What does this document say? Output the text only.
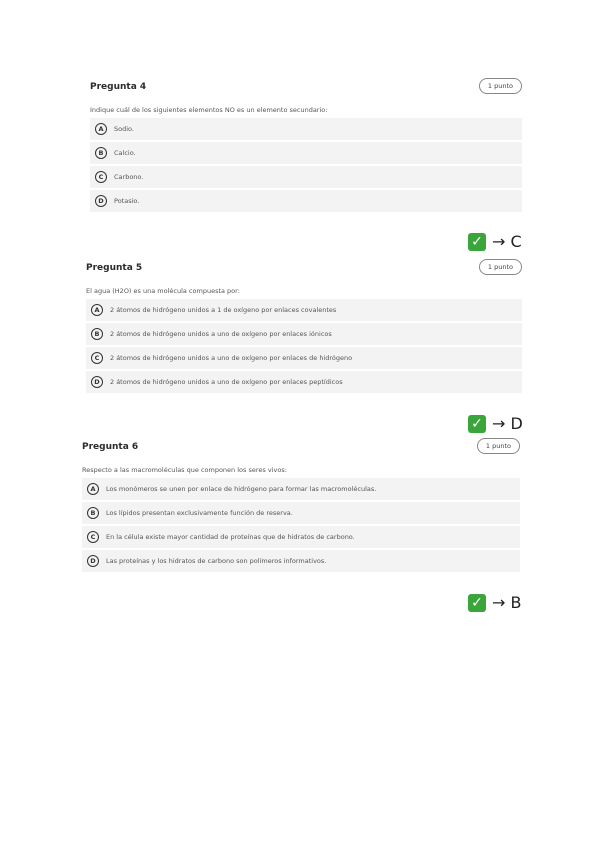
Pregunta 4	1 punto
Indique cuál de los siguientes elementos NO es un elemento secundario:
A	Sodio.
B	Calcio.
C	Carbono.
D	Potasio.
✓ → C
Pregunta 5	1 punto
El agua (H2O) es una molécula compuesta por:
A	2 átomos de hidrógeno unidos a 1 de oxígeno por enlaces covalentes
B	2 átomos de hidrógeno unidos a uno de oxígeno por enlaces iónicos
C	2 átomos de hidrógeno unidos a uno de oxígeno por enlaces de hidrógeno
D	2 átomos de hidrógeno unidos a uno de oxígeno por enlaces peptídicos
✓ → D
Pregunta 6	1 punto
Respecto a las macromoléculas que componen los seres vivos:
A	Los monómeros se unen por enlace de hidrógeno para formar las macromoléculas.
B	Los lípidos presentan exclusivamente función de reserva.
C	En la célula existe mayor cantidad de proteínas que de hidratos de carbono.
D	Las proteínas y los hidratos de carbono son polímeros informativos.
✓ → B
